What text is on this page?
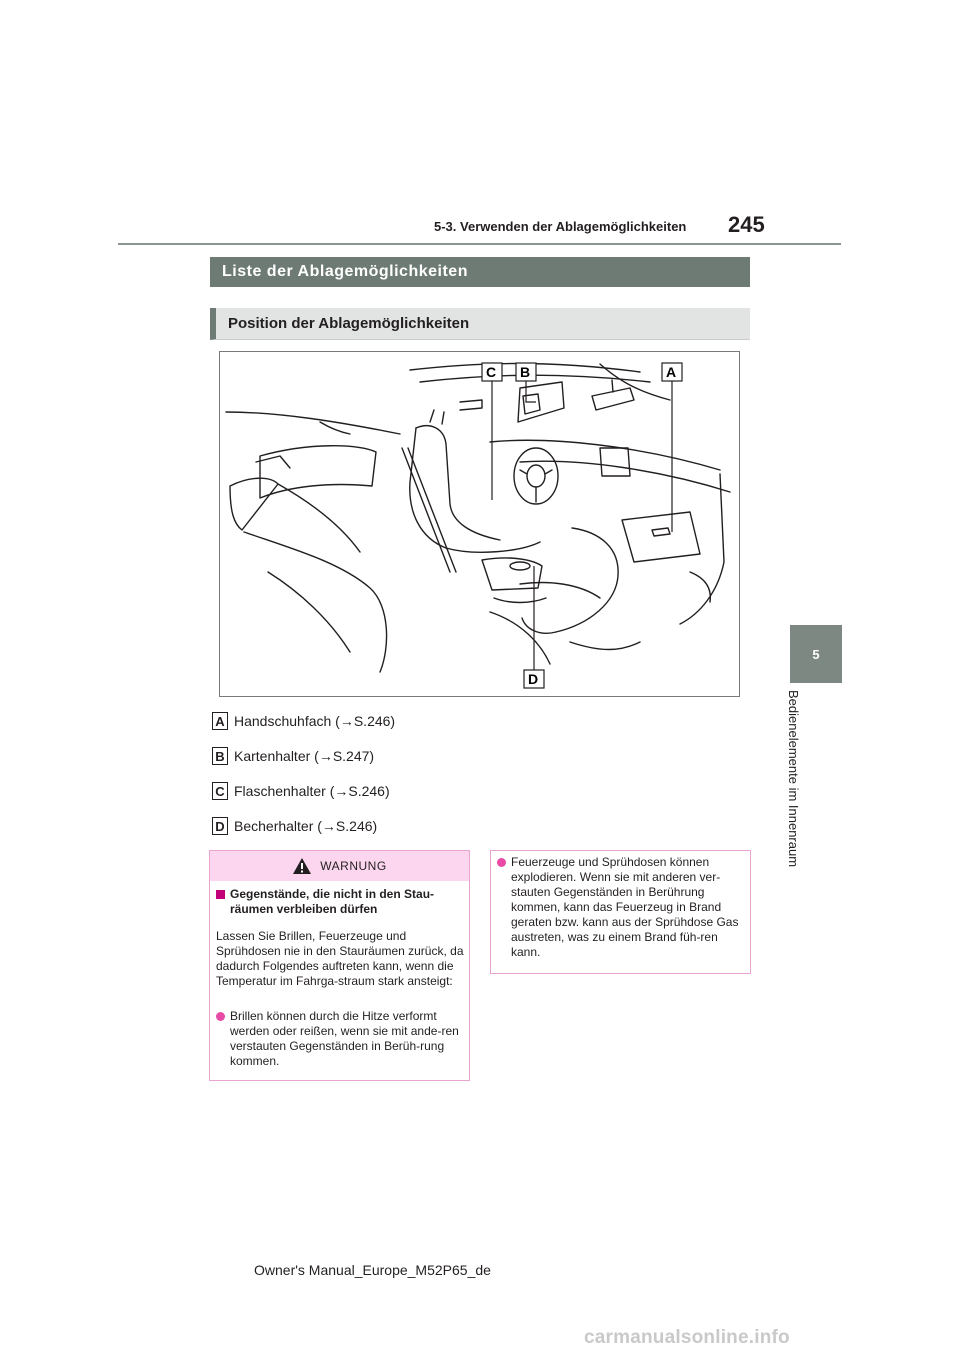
5-3. Verwenden der Ablagemöglichkeiten 245
5
Bedienelemente im Innenraum
Liste der Ablagemöglichkeiten
Position der Ablagemöglichkeiten
C B	A
D
A Handschuhfach (→S.246)
B Kartenhalter (→S.247)
C Flaschenhalter (→S.246)
D Becherhalter (→S.246)
WARNUNG
Gegenstände, die nicht in den Stau-räumen verbleiben dürfen
Lassen Sie Brillen, Feuerzeuge und Sprühdosen nie in den Stauräumen zurück, da dadurch Folgendes auftreten kann, wenn die Temperatur im Fahrga-straum stark ansteigt:
Brillen können durch die Hitze verformt werden oder reißen, wenn sie mit ande-ren verstauten Gegenständen in Berüh-rung kommen.
Feuerzeuge und Sprühdosen können explodieren. Wenn sie mit anderen ver-stauten Gegenständen in Berührung kommen, kann das Feuerzeug in Brand geraten bzw. kann aus der Sprühdose Gas austreten, was zu einem Brand füh-ren kann.
Owner's Manual_Europe_M52P65_de
carmanualsonline.info
